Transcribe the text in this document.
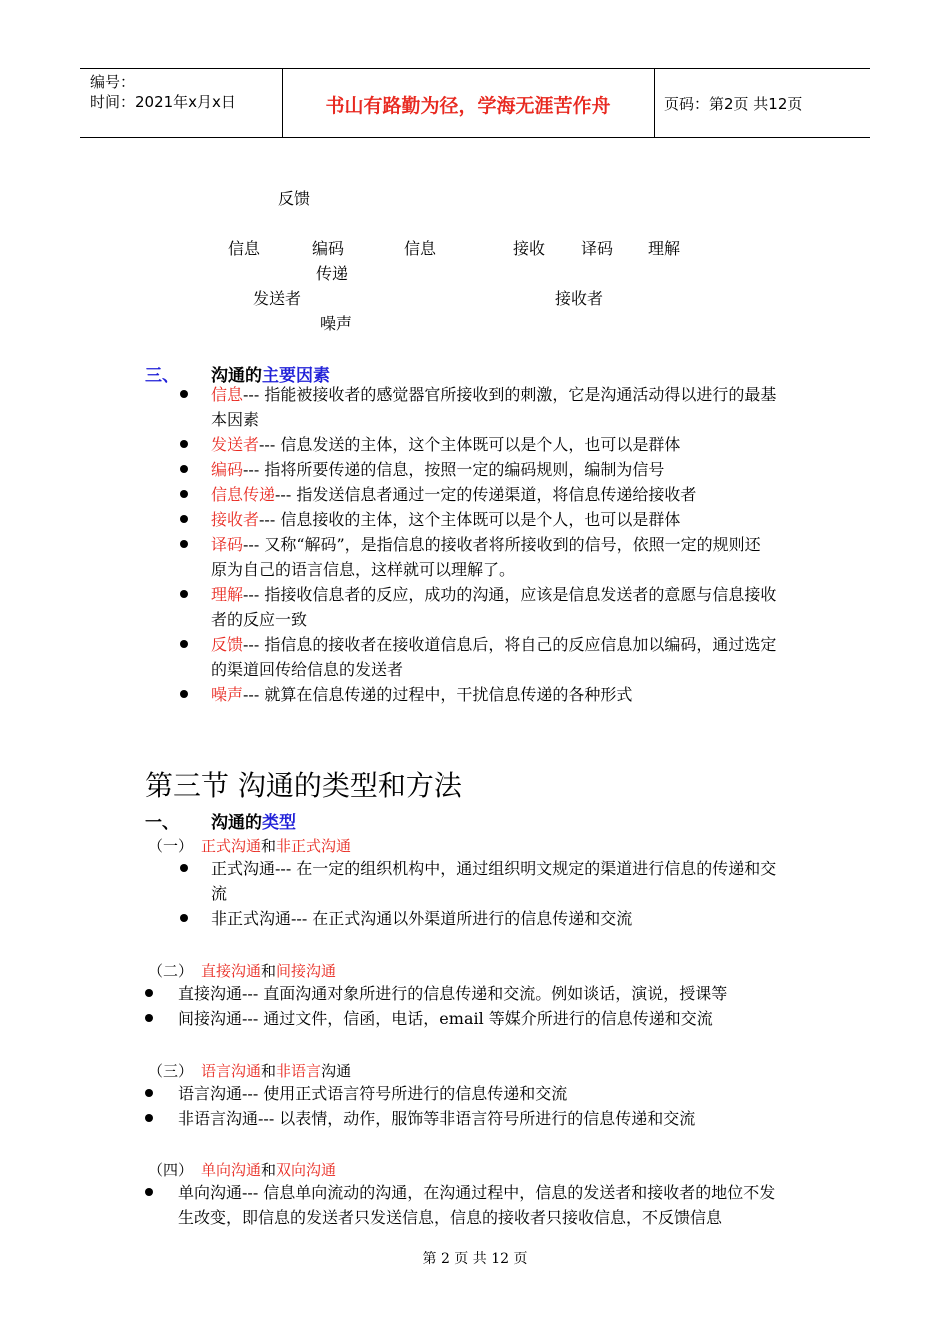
编号：
时间：2021年x月x日	书山有路勤为径，学海无涯苦作舟	页码：第2页 共12页
反馈
信息	编码	信息	接收 译码 理解
传递
发送者	接收者
噪声
三、 沟通的主要因素
信息--- 指能被接收者的感觉器官所接收到的刺激，它是沟通活动得以进行的最基
本因素
发送者--- 信息发送的主体，这个主体既可以是个人，也可以是群体
编码--- 指将所要传递的信息，按照一定的编码规则，编制为信号
信息传递--- 指发送信息者通过一定的传递渠道，将信息传递给接收者
接收者--- 信息接收的主体，这个主体既可以是个人，也可以是群体
译码--- 又称“解码”，是指信息的接收者将所接收到的信号，依照一定的规则还
原为自己的语言信息，这样就可以理解了。
理解--- 指接收信息者的反应，成功的沟通，应该是信息发送者的意愿与信息接收
者的反应一致
反馈--- 指信息的接收者在接收道信息后，将自己的反应信息加以编码，通过选定
的渠道回传给信息的发送者
噪声--- 就算在信息传递的过程中，干扰信息传递的各种形式
第三节 沟通的类型和方法
一、 沟通的类型
（一） 正式沟通和非正式沟通
正式沟通--- 在一定的组织机构中，通过组织明文规定的渠道进行信息的传递和交
流
非正式沟通--- 在正式沟通以外渠道所进行的信息传递和交流
（二） 直接沟通和间接沟通
直接沟通--- 直面沟通对象所进行的信息传递和交流。例如谈话，演说，授课等
间接沟通--- 通过文件，信函，电话，email 等媒介所进行的信息传递和交流
（三） 语言沟通和非语言沟通
语言沟通--- 使用正式语言符号所进行的信息传递和交流
非语言沟通--- 以表情，动作，服饰等非语言符号所进行的信息传递和交流
（四） 单向沟通和双向沟通
单向沟通--- 信息单向流动的沟通，在沟通过程中，信息的发送者和接收者的地位不发
生改变，即信息的发送者只发送信息，信息的接收者只接收信息，不反馈信息
第 2 页 共 12 页
